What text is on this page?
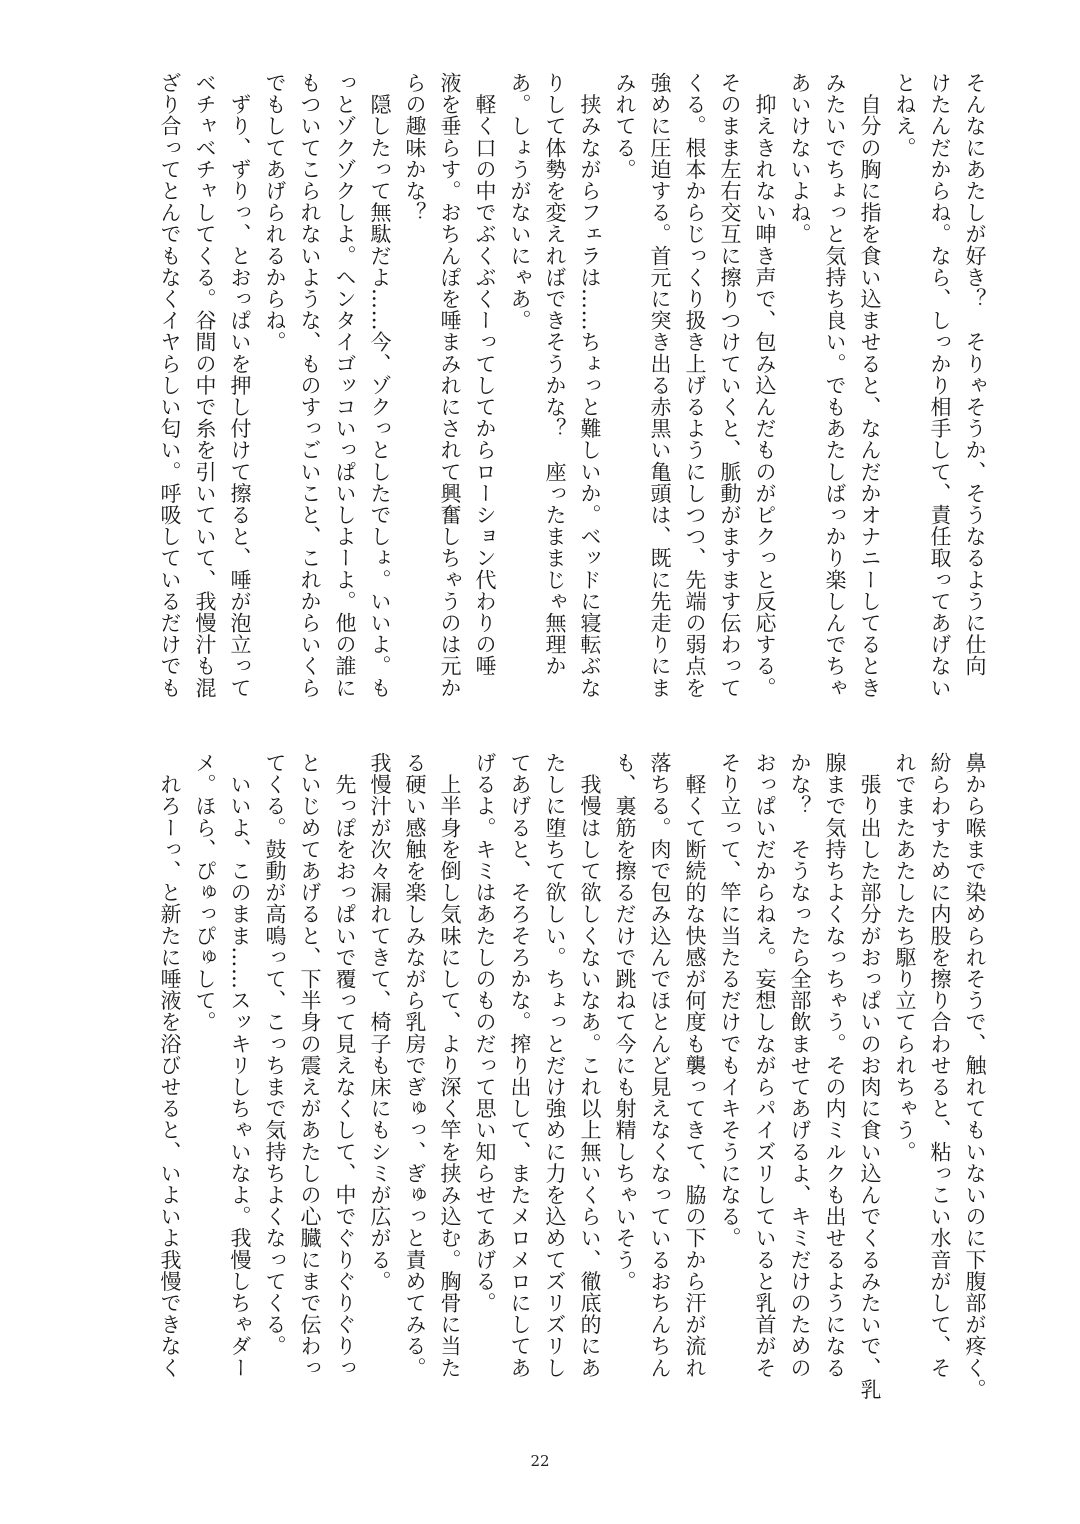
そんなにあたしが好き？　そりゃそうか、そうなるように仕向
けたんだからね。なら、しっかり相手して、責任取ってあげない
とねえ。
　自分の胸に指を食い込ませると、なんだかオナニーしてるとき
みたいでちょっと気持ち良い。でもあたしばっかり楽しんでちゃ
あいけないよね。
　抑えきれない呻き声で、包み込んだものがピクっと反応する。
そのまま左右交互に擦りつけていくと、脈動がますます伝わって
くる。根本からじっくり扱き上げるようにしつつ、先端の弱点を
強めに圧迫する。首元に突き出る赤黒い亀頭は、既に先走りにま
みれてる。
　挟みながらフェラは……ちょっと難しいか。ベッドに寝転ぶな
りして体勢を変えればできそうかな？　座ったままじゃ無理か
あ。しょうがないにゃあ。
　軽く口の中でぶくぶくーってしてからローション代わりの唾
液を垂らす。おちんぽを唾まみれにされて興奮しちゃうのは元か
らの趣味かな？
　隠したって無駄だよ……今、ゾクっとしたでしょ。いいよ。も
っとゾクゾクしよ。ヘンタイゴッコいっぱいしよーよ。他の誰に
もついてこられないような、ものすっごいこと、これからいくら
でもしてあげられるからね。
　ずり、ずりっ、とおっぱいを押し付けて擦ると、唾が泡立って
ベチャベチャしてくる。谷間の中で糸を引いていて、我慢汁も混
ざり合ってとんでもなくイヤらしい匂い。呼吸しているだけでも
鼻から喉まで染められそうで、触れてもいないのに下腹部が疼く。
紛らわすために内股を擦り合わせると、粘っこい水音がして、そ
れでまたあたしたち駆り立てられちゃう。
　張り出した部分がおっぱいのお肉に食い込んでくるみたいで、乳
腺まで気持ちよくなっちゃう。その内ミルクも出せるようになる
かな？　そうなったら全部飲ませてあげるよ、キミだけのための
おっぱいだからねえ。妄想しながらパイズリしていると乳首がそ
そり立って、竿に当たるだけでもイキそうになる。
　軽くて断続的な快感が何度も襲ってきて、脇の下から汗が流れ
落ちる。肉で包み込んでほとんど見えなくなっているおちんちん
も、裏筋を擦るだけで跳ねて今にも射精しちゃいそう。
　我慢はして欲しくないなあ。これ以上無いくらい、徹底的にあ
たしに堕ちて欲しい。ちょっとだけ強めに力を込めてズリズリし
てあげると、そろそろかな。搾り出して、またメロメロにしてあ
げるよ。キミはあたしのものだって思い知らせてあげる。
　上半身を倒し気味にして、より深く竿を挟み込む。胸骨に当た
る硬い感触を楽しみながら乳房でぎゅっ、ぎゅっと責めてみる。
我慢汁が次々漏れてきて、椅子も床にもシミが広がる。
　先っぽをおっぱいで覆って見えなくして、中でぐりぐりぐりっ
といじめてあげると、下半身の震えがあたしの心臓にまで伝わっ
てくる。鼓動が高鳴って、こっちまで気持ちよくなってくる。
　いいよ、このまま……スッキリしちゃいなよ。我慢しちゃダー
メ。ほら、ぴゅっぴゅして。
　れろーっ、と新たに唾液を浴びせると、いよいよ我慢できなく
22
